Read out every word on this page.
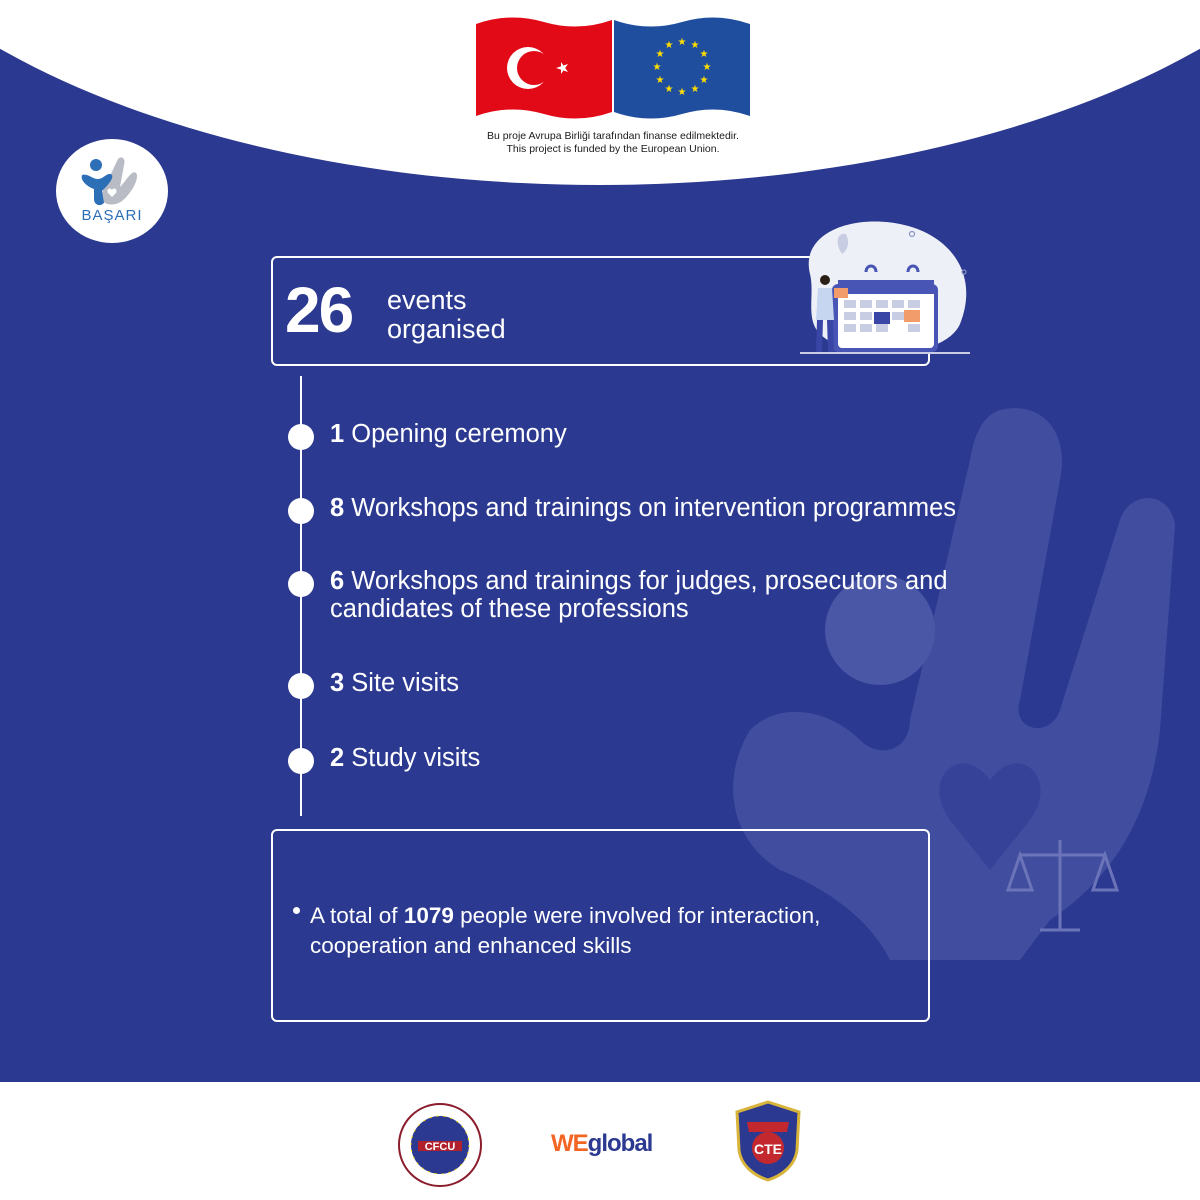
★ ★
★
★
★
★
★
★
★
★
★
★
Bu proje Avrupa Birliği tarafından finanse edilmektedir.
This project is funded by the European Union.
BAŞARI
26 events
organised
1 Opening ceremony
8 Workshops and trainings on intervention programmes
6 Workshops and trainings for judges, prosecutors and
candidates of these professions
3 Site visits
2 Study visits
A total of 1079 people were involved for interaction,
cooperation and enhanced skills
CFCU	WEglobal	CTE
